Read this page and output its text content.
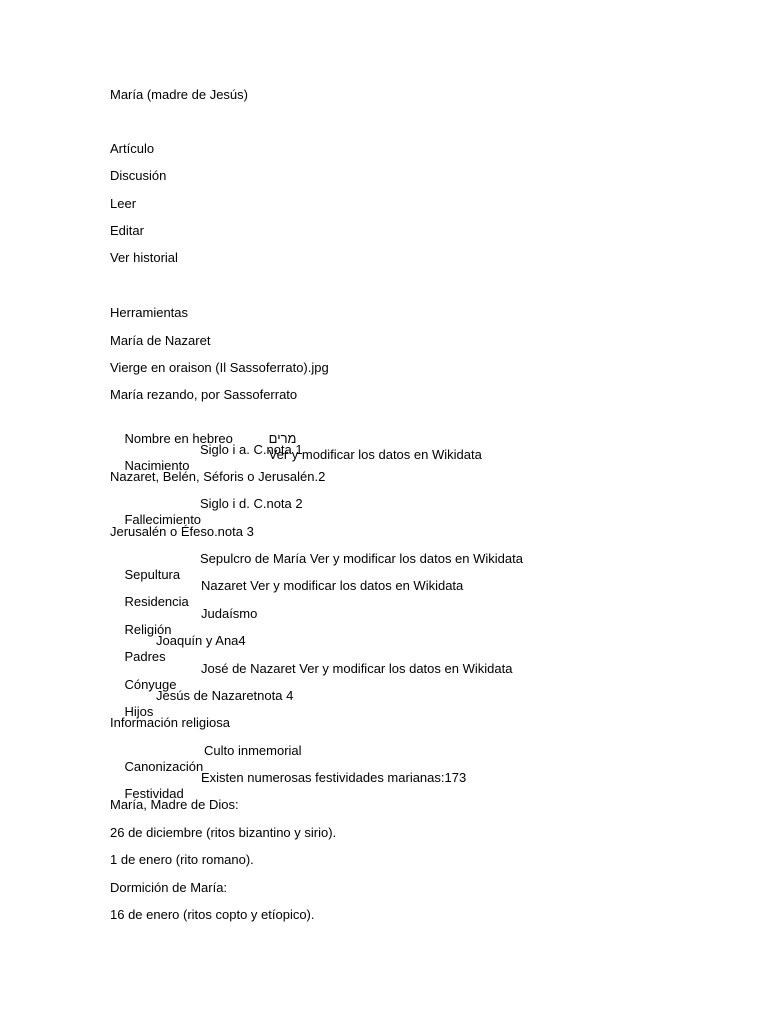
María (madre de Jesús)
Artículo
Discusión
Leer
Editar
Ver historial
Herramientas
María de Nazaret
Vierge en oraison (Il Sassoferrato).jpg
María rezando, por Sassoferrato

Nombre en hebreo
	מרים
Ver y modificar los datos en Wikidata

Nacimiento

Siglo i a. C.nota 1

Nazaret, Belén, Séforis o Jerusalén.2

Fallecimiento

Siglo i d. C.nota 2

Jerusalén o Éfeso.nota 3

Sepultura

Sepulcro de María Ver y modificar los datos en Wikidata

Residencia

Nazaret Ver y modificar los datos en Wikidata

Religión

Judaísmo

Padres

Joaquín y Ana4

Cónyuge

José de Nazaret Ver y modificar los datos en Wikidata

Hijos

Jesús de Nazaretnota 4

Información religiosa

Canonización

Culto inmemorial

Festividad

Existen numerosas festividades marianas:173

María, Madre de Dios:
26 de diciembre (ritos bizantino y sirio).
1 de enero (rito romano).
Dormición de María:
16 de enero (ritos copto y etíopico).
